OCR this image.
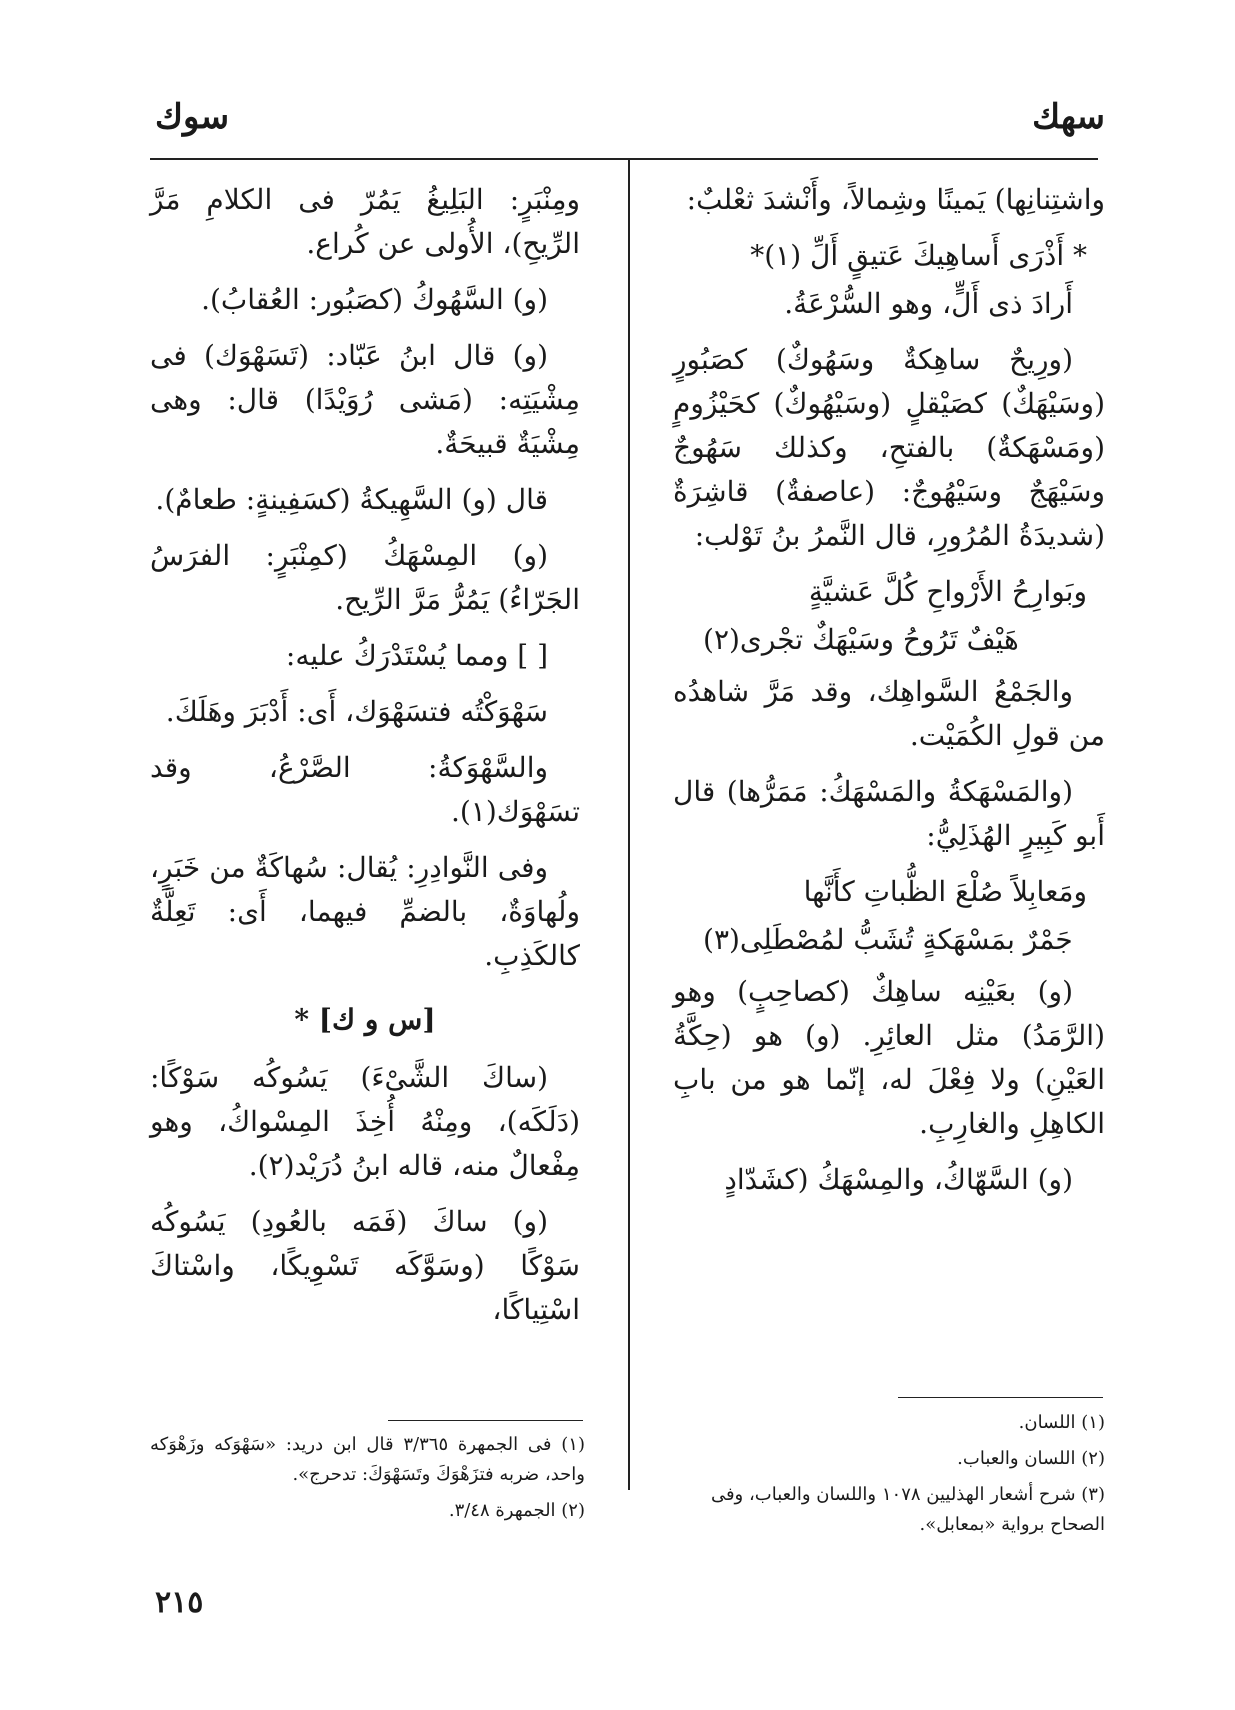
سهك
سوك

واشتِنانِها) يَمينًا وشِمالاً، وأَنْشدَ ثعْلبٌ:

* أَذْرَى أَساهِيكَ عَتيقٍ أَلِّ (١)*

أَرادَ ذى أَلٍّ، وهو السُّرْعَةُ.

(ورِيحٌ ساهِكةٌ وسَهُوكٌ) كصَبُورٍ (وسَيْهَكٌ) كصَيْقلٍ (وسَيْهُوكٌ) كحَيْزُومٍ (ومَسْهَكةٌ) بالفتحِ، وكذلك سَهُوجٌ وسَيْهَجٌ وسَيْهُوجٌ: (عاصفةٌ) قاشِرَةٌ (شديدَةُ المُرُورِ، قال النَّمرُ بنُ تَوْلب:

وبَوارِحُ الأَرْواحِ كُلَّ عَشيَّةٍ

هَيْفٌ تَرُوحُ وسَيْهَكٌ تجْرى(٢)

والجَمْعُ السَّواهِك، وقد مَرَّ شاهدُه من قولِ الكُمَيْت.

(والمَسْهَكةُ والمَسْهَكُ: مَمَرُّها) قال أَبو كَبِيرٍ الهُذَلِيُّ:

ومَعابِلاً صُلْعَ الظُّباتِ كأَنَّها

جَمْرٌ بمَسْهَكةٍ تُشَبُّ لمُصْطَلِى(٣)

(و) بعَيْنِه ساهِكٌ (كصاحِبٍ) وهو (الرَّمَدُ) مثل العائِرِ. (و) هو (حِكَّةُ العَيْنِ) ولا فِعْلَ له، إنّما هو من بابِ الكاهِلِ والغارِبِ.

(و) السَّهّاكُ، والمِسْهَكُ (كشَدّادٍ

ومِنْبَرٍ: البَلِيغُ يَمُرّ فى الكلامِ مَرَّ الرِّيحِ)، الأُولى عن كُراع.

(و) السَّهُوكُ (كصَبُور: العُقابُ).

(و) قال ابنُ عَبّاد: (تَسَهْوَك) فى مِشْيَتِه: (مَشى رُوَيْدًا) قال: وهى مِشْيَةٌ قبيحَةٌ.

قال (و) السَّهِيكةُ (كسَفِينةٍ: طعامٌ).

(و) المِسْهَكُ (كمِنْبَرٍ: الفرَسُ الجَرّاءُ) يَمُرُّ مَرَّ الرِّيح.

[ ] ومما يُسْتَدْرَكُ عليه:

سَهْوَكْتُه فتسَهْوَك، أَى: أَدْبَرَ وهَلَكَ.

والسَّهْوَكةُ: الصَّرْعُ، وقد تسَهْوَك(١).

وفى النَّوادِرِ: يُقال: سُهاكَةٌ من خَبَرٍ، ولُهاوَةٌ، بالضمِّ فيهما، أَى: تَعِلَّةٌ كالكَذِبِ.

[س و ك] *

(ساكَ الشَّىْءَ) يَسُوكُه سَوْكًا: (دَلَكَه)، ومِنْهُ أُخِذَ المِسْواكُ، وهو مِفْعالٌ منه، قاله ابنُ دُرَيْد(٢).

(و) ساكَ (فَمَه بالعُودِ) يَسُوكُه سَوْكًا (وسَوَّكَه تَسْوِيكًا، واسْتاكَ اسْتِياكًا،

(١) اللسان.

(٢) اللسان والعباب.

(٣) شرح أشعار الهذليين ١٠٧٨ واللسان والعباب، وفى الصحاح برواية «بمعابل».

(١) فى الجمهرة ٣/٣٦٥ قال ابن دريد: «سَهْوَكه وزَهْوَكه واحد، ضربه فتزَهْوَكَ وتَسَهْوَكَ: تدحرج».

(٢) الجمهرة ٣/٤٨.

٢١٥
